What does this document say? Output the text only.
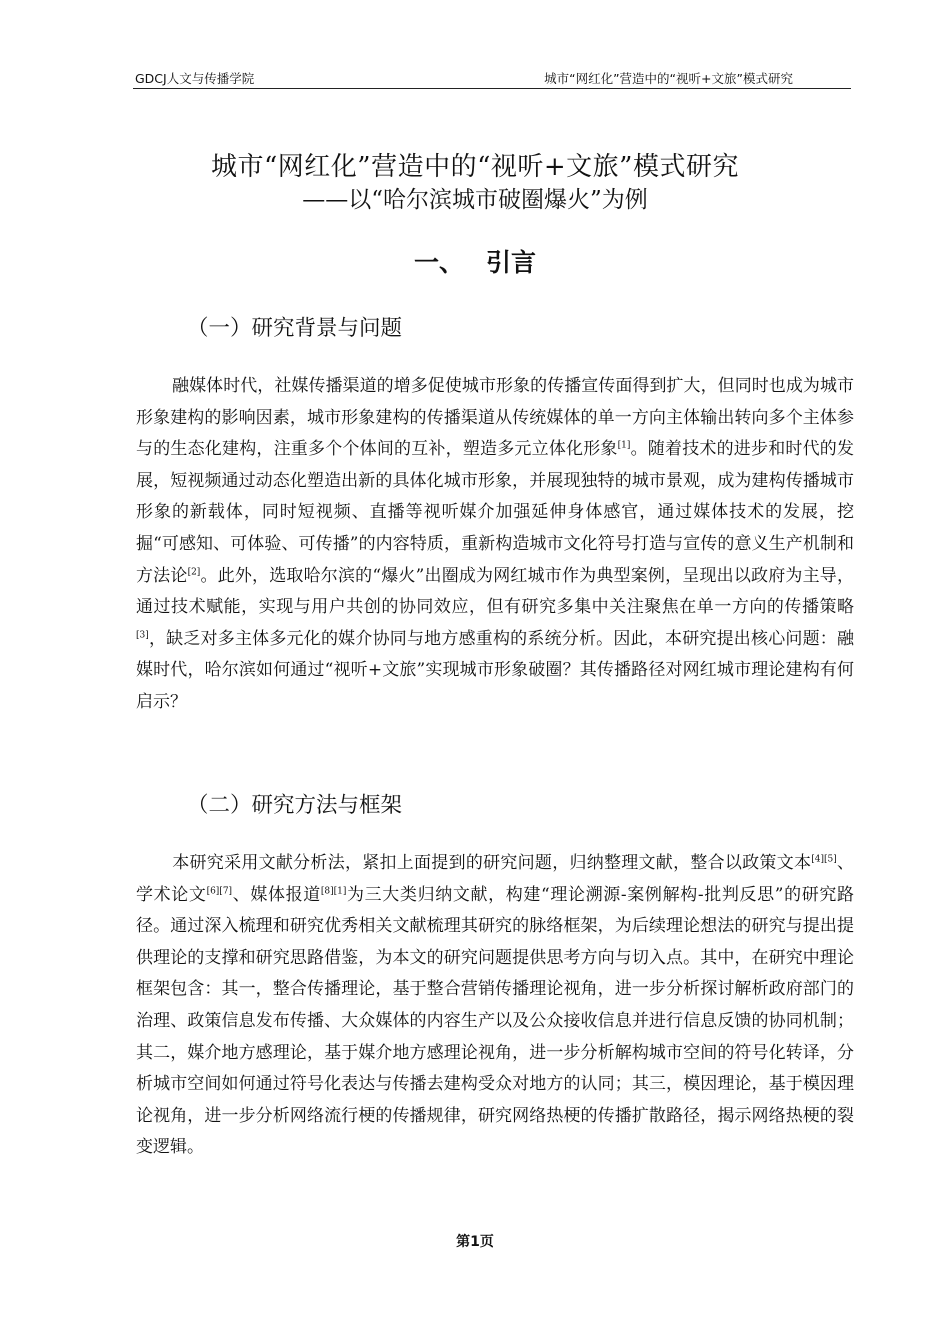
GDCJ人文与传播学院	城市“网红化”营造中的“视听+文旅”模式研究
城市“网红化”营造中的“视听+文旅”模式研究
——以“哈尔滨城市破圈爆火”为例
一、 引言
（一）研究背景与问题
融媒体时代，社媒传播渠道的增多促使城市形象的传播宣传面得到扩大，但同时也成为城市形象建构的影响因素，城市形象建构的传播渠道从传统媒体的单一方向主体输出转向多个主体参与的生态化建构，注重多个个体间的互补，塑造多元立体化形象[1]。随着技术的进步和时代的发展，短视频通过动态化塑造出新的具体化城市形象，并展现独特的城市景观，成为建构传播城市形象的新载体，同时短视频、直播等视听媒介加强延伸身体感官，通过媒体技术的发展，挖掘“可感知、可体验、可传播”的内容特质，重新构造城市文化符号打造与宣传的意义生产机制和方法论[2]。此外，选取哈尔滨的“爆火”出圈成为网红城市作为典型案例，呈现出以政府为主导，通过技术赋能，实现与用户共创的协同效应，但有研究多集中关注聚焦在单一方向的传播策略[3]，缺乏对多主体多元化的媒介协同与地方感重构的系统分析。因此，本研究提出核心问题：融媒时代，哈尔滨如何通过“视听+文旅”实现城市形象破圈？其传播路径对网红城市理论建构有何启示？
（二）研究方法与框架
本研究采用文献分析法，紧扣上面提到的研究问题，归纳整理文献，整合以政策文本[4][5]、学术论文[6][7]、媒体报道[8][1]为三大类归纳文献，构建“理论溯源-案例解构-批判反思”的研究路径。通过深入梳理和研究优秀相关文献梳理其研究的脉络框架，为后续理论想法的研究与提出提供理论的支撑和研究思路借鉴，为本文的研究问题提供思考方向与切入点。其中，在研究中理论框架包含：其一，整合传播理论，基于整合营销传播理论视角，进一步分析探讨解析政府部门的治理、政策信息发布传播、大众媒体的内容生产以及公众接收信息并进行信息反馈的协同机制；其二，媒介地方感理论，基于媒介地方感理论视角，进一步分析解构城市空间的符号化转译，分析城市空间如何通过符号化表达与传播去建构受众对地方的认同；其三，模因理论，基于模因理论视角，进一步分析网络流行梗的传播规律，研究网络热梗的传播扩散路径，揭示网络热梗的裂变逻辑。
第1页
